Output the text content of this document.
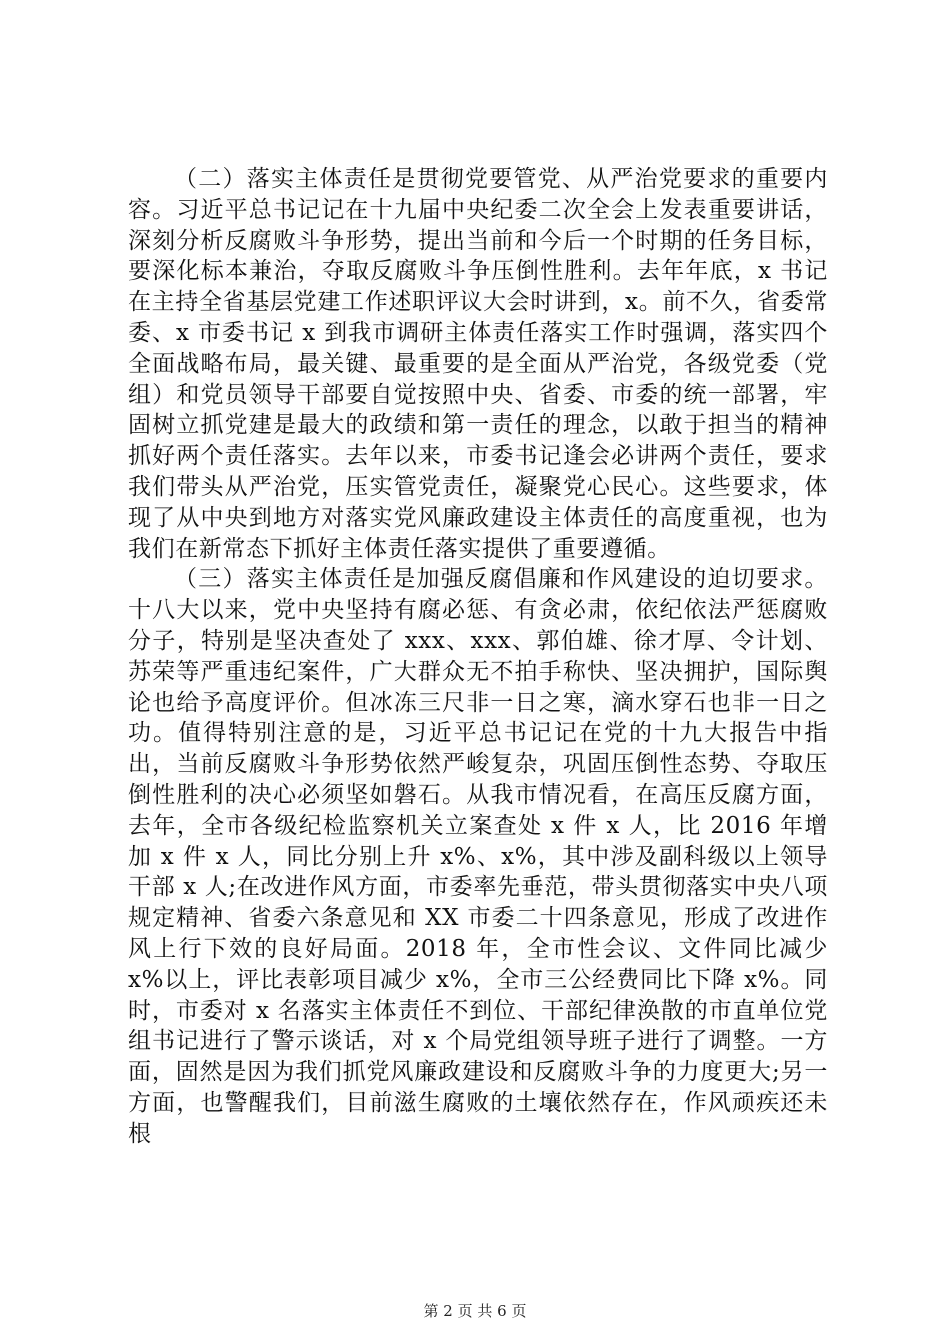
（二）落实主体责任是贯彻党要管党、从严治党要求的重要内容。习近平总书记记在十九届中央纪委二次全会上发表重要讲话，深刻分析反腐败斗争形势，提出当前和今后一个时期的任务目标，要深化标本兼治，夺取反腐败斗争压倒性胜利。去年年底，x 书记在主持全省基层党建工作述职评议大会时讲到，x。前不久，省委常委、x 市委书记 x 到我市调研主体责任落实工作时强调，落实四个全面战略布局，最关键、最重要的是全面从严治党，各级党委（党组）和党员领导干部要自觉按照中央、省委、市委的统一部署，牢固树立抓党建是最大的政绩和第一责任的理念，以敢于担当的精神抓好两个责任落实。去年以来，市委书记逢会必讲两个责任，要求我们带头从严治党，压实管党责任，凝聚党心民心。这些要求，体现了从中央到地方对落实党风廉政建设主体责任的高度重视，也为我们在新常态下抓好主体责任落实提供了重要遵循。

（三）落实主体责任是加强反腐倡廉和作风建设的迫切要求。十八大以来，党中央坚持有腐必惩、有贪必肃，依纪依法严惩腐败分子，特别是坚决查处了 xxx、xxx、郭伯雄、徐才厚、令计划、苏荣等严重违纪案件，广大群众无不拍手称快、坚决拥护，国际舆论也给予高度评价。但冰冻三尺非一日之寒，滴水穿石也非一日之功。值得特别注意的是，习近平总书记记在党的十九大报告中指出，当前反腐败斗争形势依然严峻复杂，巩固压倒性态势、夺取压倒性胜利的决心必须坚如磐石。从我市情况看，在高压反腐方面，去年，全市各级纪检监察机关立案查处 x 件 x 人，比 2016 年增加 x 件 x 人，同比分别上升 x%、x%，其中涉及副科级以上领导干部 x 人;在改进作风方面，市委率先垂范，带头贯彻落实中央八项规定精神、省委六条意见和 XX 市委二十四条意见，形成了改进作风上行下效的良好局面。2018 年，全市性会议、文件同比减少 x%以上，评比表彰项目减少 x%，全市三公经费同比下降 x%。同时，市委对 x 名落实主体责任不到位、干部纪律涣散的市直单位党组书记进行了警示谈话，对 x 个局党组领导班子进行了调整。一方面，固然是因为我们抓党风廉政建设和反腐败斗争的力度更大;另一方面，也警醒我们，目前滋生腐败的土壤依然存在，作风顽疾还未根

第 2 页 共 6 页
